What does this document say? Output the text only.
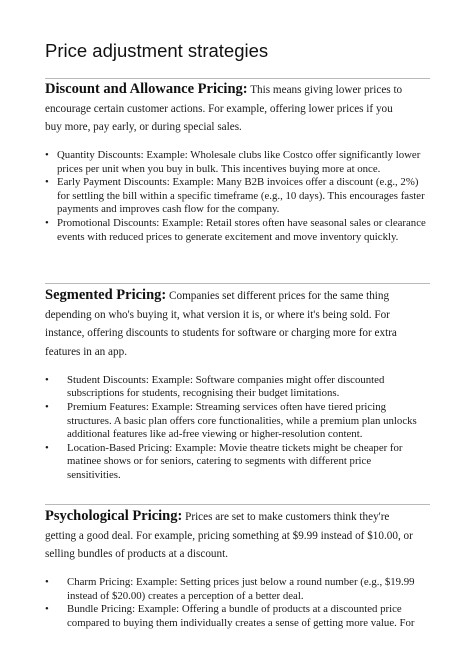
Price adjustment strategies

Discount and Allowance Pricing: This means giving lower prices to encourage certain customer actions. For example, offering lower prices if you buy more, pay early, or during special sales.

• Quantity Discounts: Example: Wholesale clubs like Costco offer significantly lower prices per unit when you buy in bulk. This incentives buying more at once.
• Early Payment Discounts: Example: Many B2B invoices offer a discount (e.g., 2%) for settling the bill within a specific timeframe (e.g., 10 days). This encourages faster payments and improves cash flow for the company.
• Promotional Discounts: Example: Retail stores often have seasonal sales or clearance events with reduced prices to generate excitement and move inventory quickly.

Segmented Pricing: Companies set different prices for the same thing depending on who's buying it, what version it is, or where it's being sold. For instance, offering discounts to students for software or charging more for extra features in an app.

• Student Discounts: Example: Software companies might offer discounted subscriptions for students, recognising their budget limitations.
• Premium Features: Example: Streaming services often have tiered pricing structures. A basic plan offers core functionalities, while a premium plan unlocks additional features like ad-free viewing or higher-resolution content.
• Location-Based Pricing: Example: Movie theatre tickets might be cheaper for matinee shows or for seniors, catering to segments with different price sensitivities.

Psychological Pricing: Prices are set to make customers think they're getting a good deal. For example, pricing something at $9.99 instead of $10.00, or selling bundles of products at a discount.

• Charm Pricing: Example: Setting prices just below a round number (e.g., $19.99 instead of $20.00) creates a perception of a better deal.
• Bundle Pricing: Example: Offering a bundle of products at a discounted price compared to buying them individually creates a sense of getting more value. For
